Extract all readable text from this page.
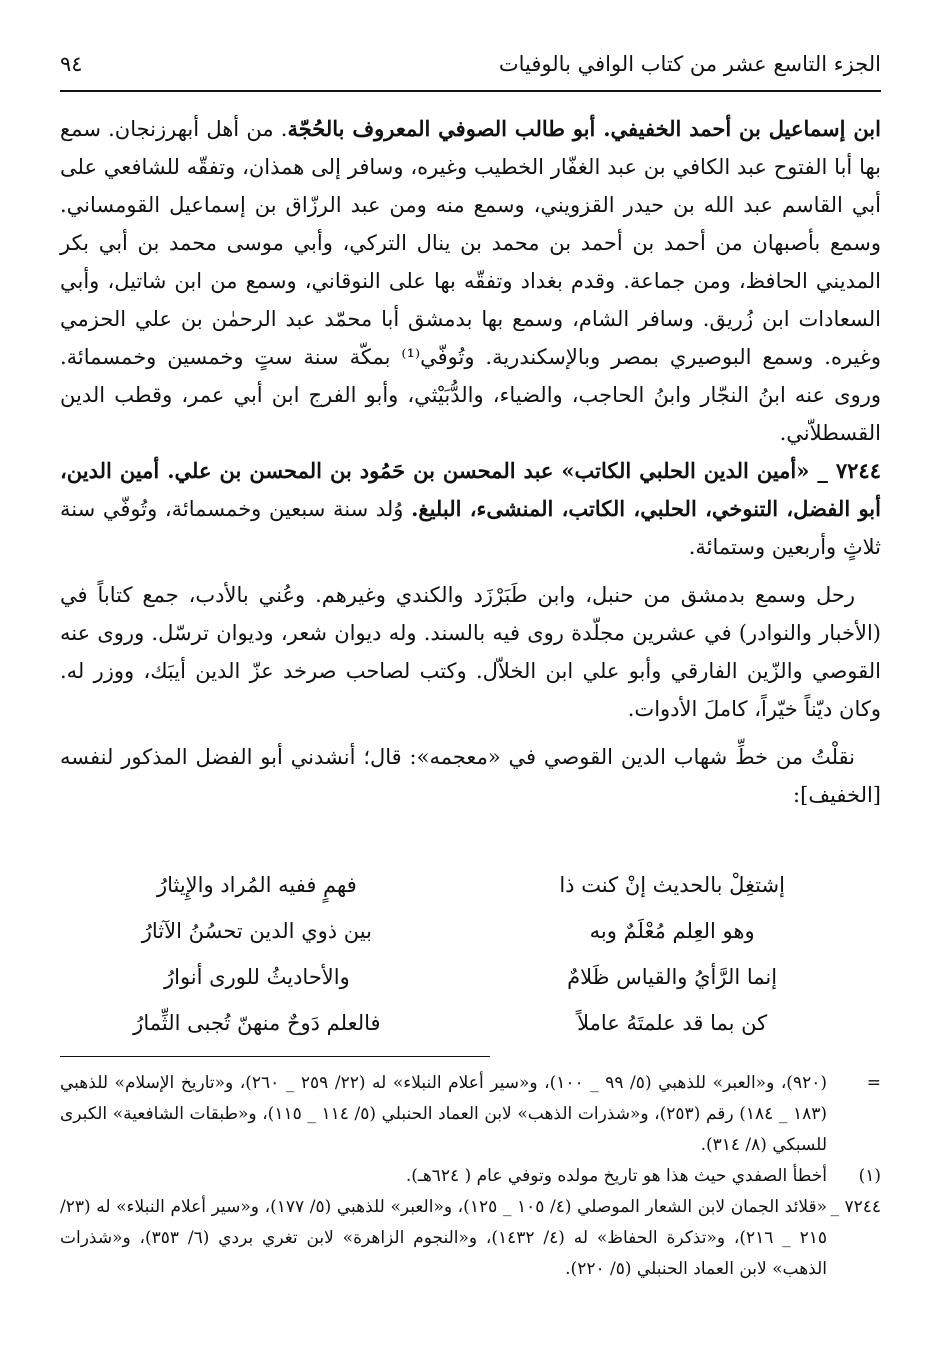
الجزء التاسع عشر من كتاب الوافي بالوفيات
٩٤

ابن إسماعيل بن أحمد الخفيفي. أبو طالب الصوفي المعروف بالحُجّة. من أهل أبهرزنجان. سمع بها أبا الفتوح عبد الكافي بن عبد الغفّار الخطيب وغيره، وسافر إلى همذان، وتفقّه للشافعي على أبي القاسم عبد الله بن حيدر القزويني، وسمع منه ومن عبد الرزّاق بن إسماعيل القومساني. وسمع بأصبهان من أحمد بن أحمد بن محمد بن ينال التركي، وأبي موسى محمد بن أبي بكر المديني الحافظ، ومن جماعة. وقدم بغداد وتفقّه بها على النوقاني، وسمع من ابن شاتيل، وأبي السعادات ابن زُريق. وسافر الشام، وسمع بها بدمشق أبا محمّد عبد الرحمٰن بن علي الحزمي وغيره. وسمع البوصيري بمصر وبالإسكندرية. وتُوفّي⁽¹⁾ بمكّة سنة ستٍ وخمسين وخمسمائة. وروى عنه ابنُ النجّار وابنُ الحاجب، والضياء، والدُّبَيْثي، وأبو الفرج ابن أبي عمر، وقطب الدين القسطلاّني.

٧٢٤٤ _ «أمين الدين الحلبي الكاتب» عبد المحسن بن حَمُود بن المحسن بن علي. أمين الدين، أبو الفضل، التنوخي، الحلبي، الكاتب، المنشىء، البليغ. وُلد سنة سبعين وخمسمائة، وتُوفّي سنة ثلاثٍ وأربعين وستمائة.

رحل وسمع بدمشق من حنبل، وابن طَبَرْزَد والكندي وغيرهم. وعُني بالأدب، جمع كتاباً في (الأخبار والنوادر) في عشرين مجلّدة روى فيه بالسند. وله ديوان شعر، وديوان ترسّل. وروى عنه القوصي والزّين الفارقي وأبو علي ابن الخلاّل. وكتب لصاحب صرخد عزّ الدين أيبَك، ووزر له. وكان ديّناً خيّراً، كاملَ الأدوات.

نقلْتُ من خطِّ شهاب الدين القوصي في «معجمه»: قال؛ أنشدني أبو الفضل المذكور لنفسه [الخفيف]:

إشتغِلْ بالحديث إنْ كنت ذا
فهمٍ ففيه المُراد والإِيثارُ
وهو العِلم مُعْلَمٌ وبه
بين ذوي الدين تحسُنُ الآثارُ
إنما الرَّأيُ والقياس ظَلامٌ
والأحاديثُ للورى أنوارُ
كن بما قد علمتَهُ عاملاً
فالعلم دَوحٌ منهنّ تُجبى الثِّمارُ
=
(٩٢٠)، و«العبر» للذهبي (٥/ ٩٩ _ ١٠٠)، و«سير أعلام النبلاء» له (٢٢/ ٢٥٩ _ ٢٦٠)، و«تاريخ الإسلام» للذهبي (١٨٣ _ ١٨٤) رقم (٢٥٣)، و«شذرات الذهب» لابن العماد الحنبلي (٥/ ١١٤ _ ١١٥)، و«طبقات الشافعية» الكبرى للسبكي (٨/ ٣١٤).
(١)
أخطأ الصفدي حيث هذا هو تاريخ مولده وتوفي عام ( ٦٢٤هـ).
٧٢٤٤ _
«قلائد الجمان لابن الشعار الموصلي (٤/ ١٠٥ _ ١٢٥)، و«العبر» للذهبي (٥/ ١٧٧)، و«سير أعلام النبلاء» له (٢٣/ ٢١٥ _ ٢١٦)، و«تذكرة الحفاظ» له (٤/ ١٤٣٢)، و«النجوم الزاهرة» لابن تغري بردي (٦/ ٣٥٣)، و«شذرات الذهب» لابن العماد الحنبلي (٥/ ٢٢٠).
